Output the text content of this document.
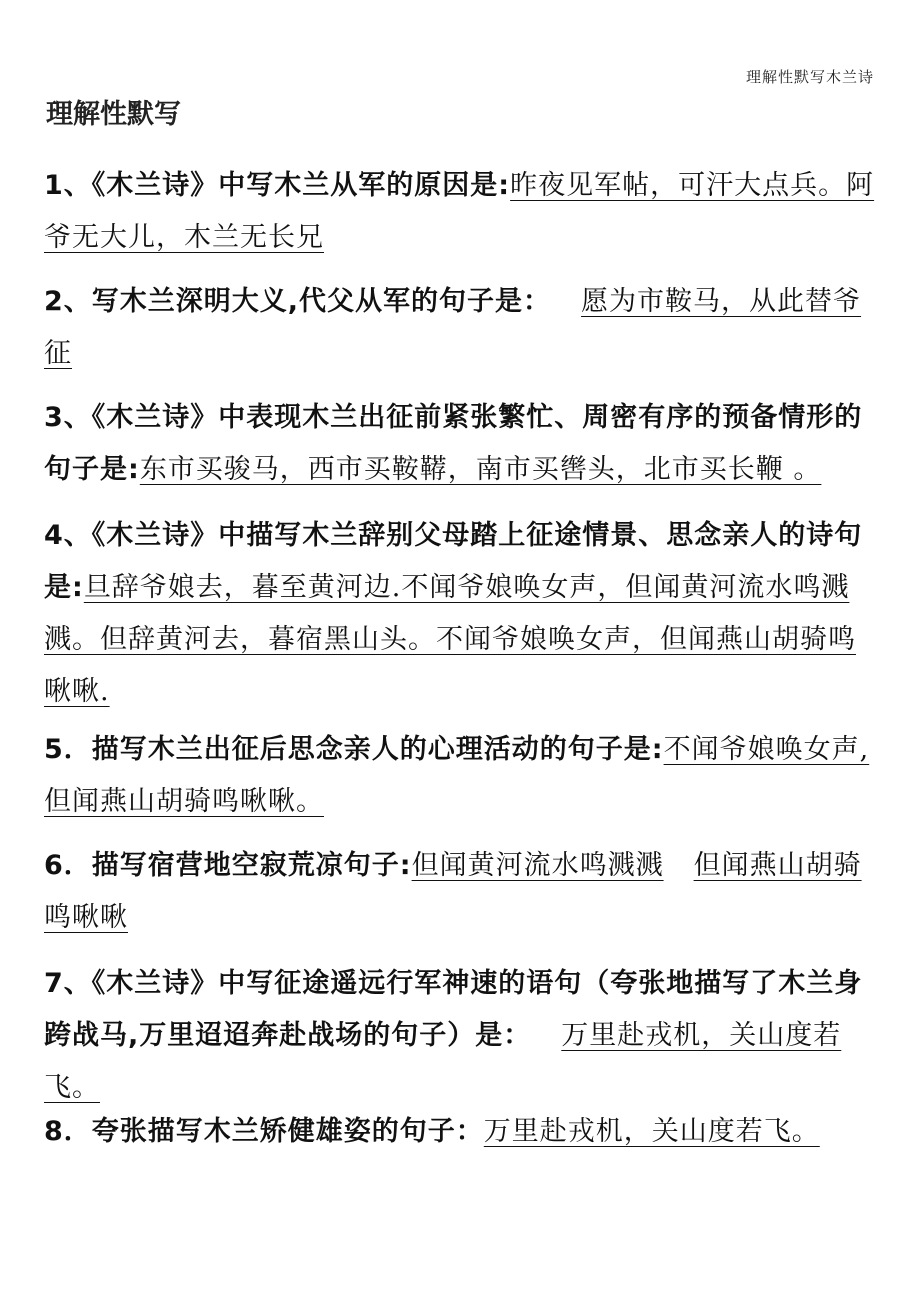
理解性默写木兰诗
理解性默写
1、《木兰诗》中写木兰从军的原因是:昨夜见军帖，可汗大点兵。阿爷无大儿，木兰无长兄
2、写木兰深明大义,代父从军的句子是： 愿为市鞍马，从此替爷征
3、《木兰诗》中表现木兰出征前紧张繁忙、周密有序的预备情形的句子是:东市买骏马，西市买鞍鞯，南市买辔头，北市买长鞭 。
4、《木兰诗》中描写木兰辞别父母踏上征途情景、思念亲人的诗句是:旦辞爷娘去，暮至黄河边.不闻爷娘唤女声，但闻黄河流水鸣溅溅。但辞黄河去，暮宿黑山头。不闻爷娘唤女声，但闻燕山胡骑鸣啾啾.
5．描写木兰出征后思念亲人的心理活动的句子是:不闻爷娘唤女声,但闻燕山胡骑鸣啾啾。
6．描写宿营地空寂荒凉句子:但闻黄河流水鸣溅溅 但闻燕山胡骑鸣啾啾
7、《木兰诗》中写征途遥远行军神速的语句（夸张地描写了木兰身跨战马,万里迢迢奔赴战场的句子）是： 万里赴戎机，关山度若飞。
8．夸张描写木兰矫健雄姿的句子：万里赴戎机，关山度若飞。
